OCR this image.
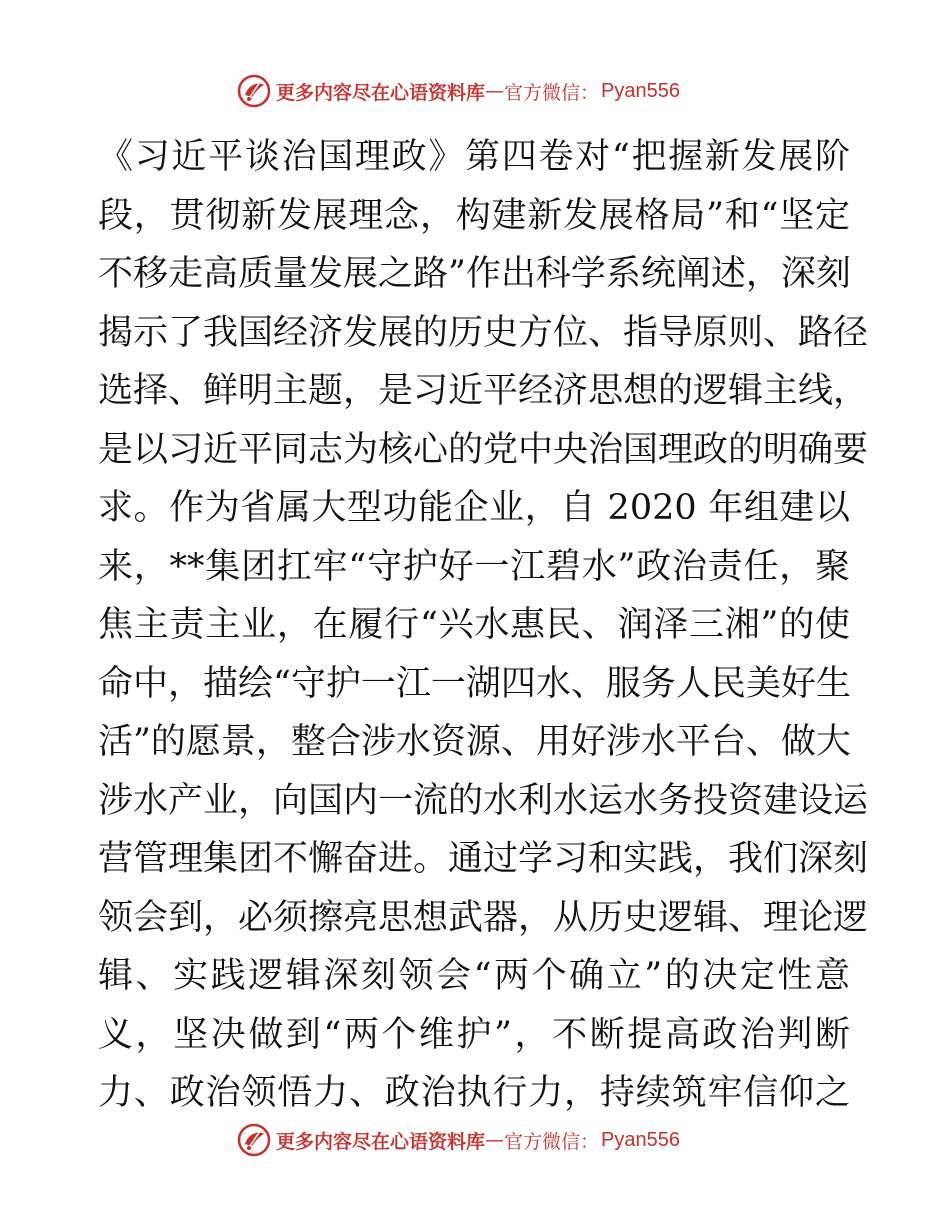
更多内容尽在心语资料库 — 官方微信： Pyan556
《习近平谈治国理政》第四卷对“把握新发展阶
段，贯彻新发展理念，构建新发展格局”和“坚定
不移走高质量发展之路”作出科学系统阐述，深刻
揭示了我国经济发展的历史方位、指导原则、路径
选择、鲜明主题，是习近平经济思想的逻辑主线，
是以习近平同志为核心的党中央治国理政的明确要
求。作为省属大型功能企业，自 2020 年组建以
来，**集团扛牢“守护好一江碧水”政治责任，聚
焦主责主业，在履行“兴水惠民、润泽三湘”的使
命中，描绘“守护一江一湖四水、服务人民美好生
活”的愿景，整合涉水资源、用好涉水平台、做大
涉水产业，向国内一流的水利水运水务投资建设运
营管理集团不懈奋进。通过学习和实践，我们深刻
领会到，必须擦亮思想武器，从历史逻辑、理论逻
辑、实践逻辑深刻领会“两个确立”的决定性意
义，坚决做到“两个维护”，不断提高政治判断
力、政治领悟力、政治执行力，持续筑牢信仰之
更多内容尽在心语资料库 — 官方微信： Pyan556
